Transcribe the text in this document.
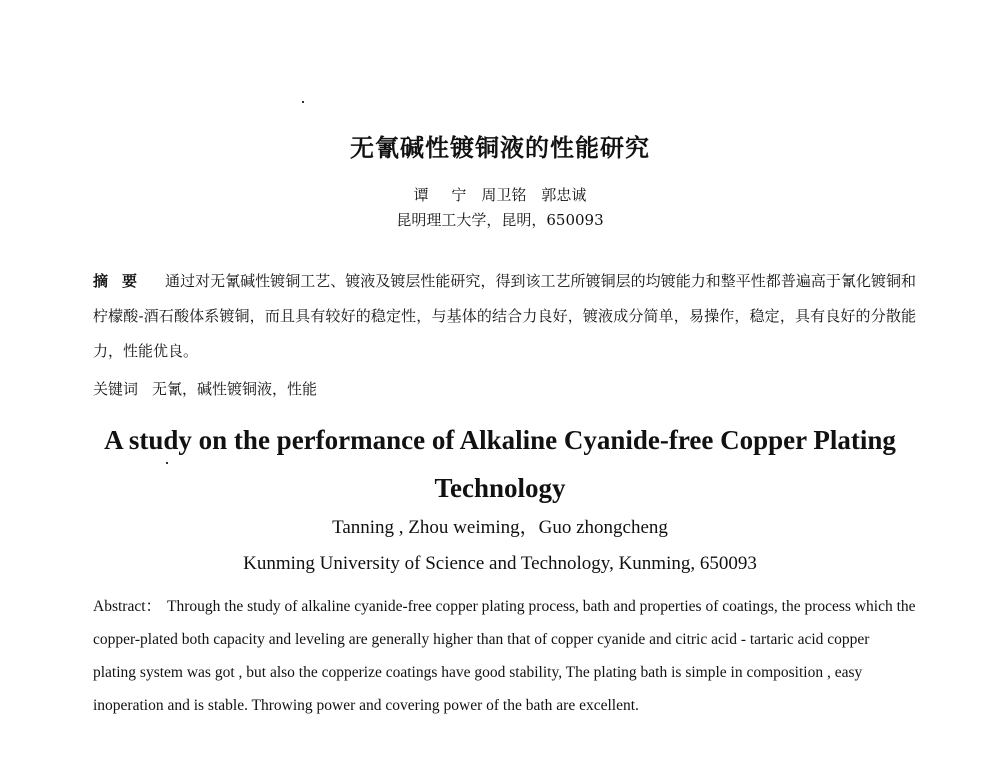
无氰碱性镀铜液的性能研究
谭 宁　周卫铭　郭忠诚
昆明理工大学，昆明，650093
摘要 通过对无氰碱性镀铜工艺、镀液及镀层性能研究，得到该工艺所镀铜层的均镀能力和整平性都普遍高于氰化镀铜和柠檬酸-酒石酸体系镀铜，而且具有较好的稳定性，与基体的结合力良好，镀液成分简单，易操作，稳定，具有良好的分散能力，性能优良。
关键词 无氰，碱性镀铜液，性能
A study on the performance of Alkaline Cyanide-free Copper Plating Technology
Tanning , Zhou weiming，Guo zhongcheng
Kunming University of Science and Technology, Kunming, 650093
Abstract： Through the study of alkaline cyanide-free copper plating process, bath and properties of coatings, the process which the copper-plated both capacity and leveling are generally higher than that of copper cyanide and citric acid - tartaric acid copper plating system was got , but also the copperize coatings have good stability, The plating bath is simple in composition , easy inoperation and is stable. Throwing power and covering power of the bath are excellent.
